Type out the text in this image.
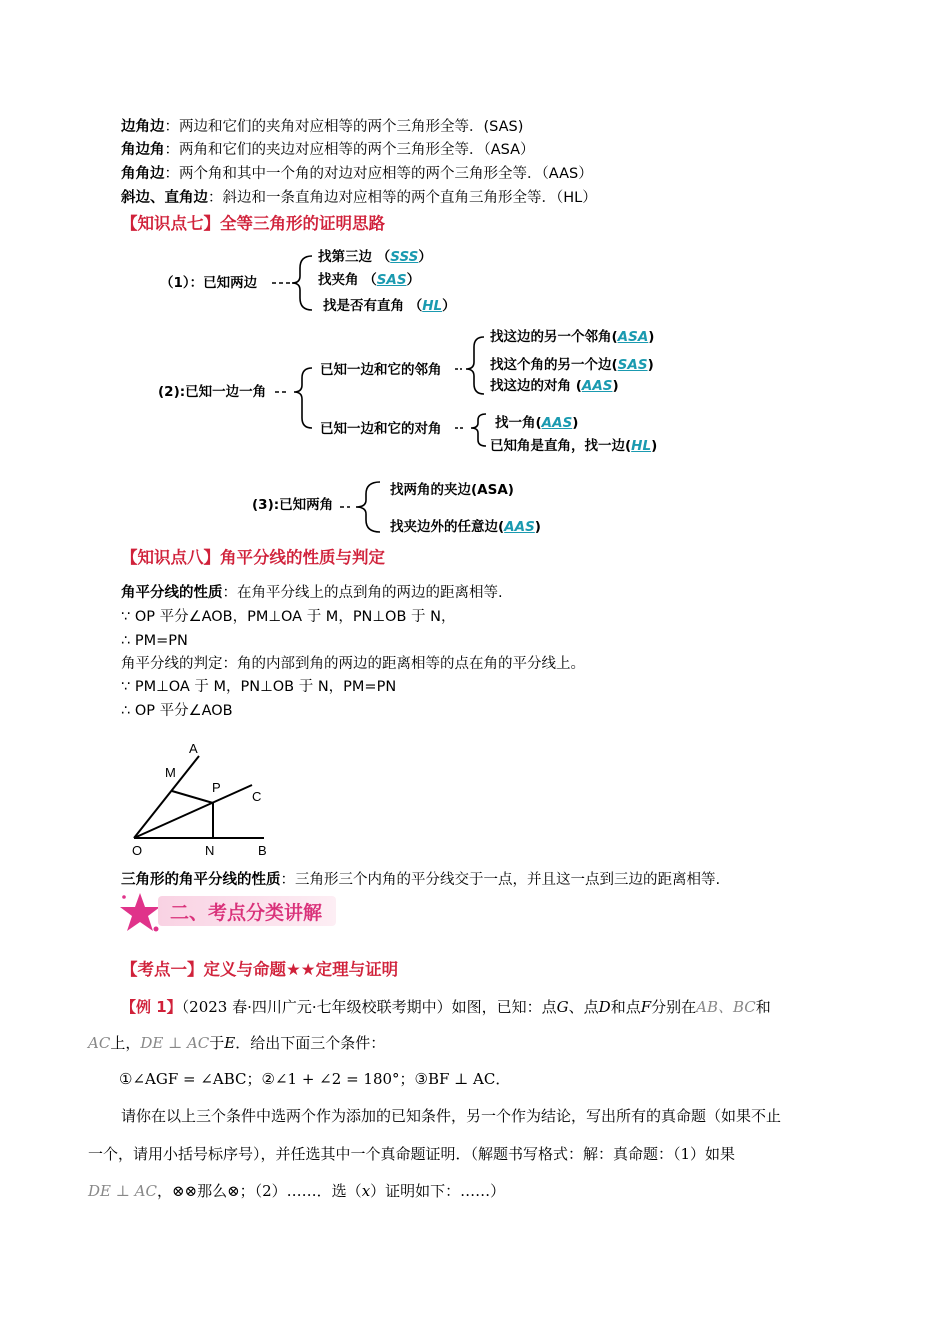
边角边：两边和它们的夹角对应相等的两个三角形全等．(SAS)
角边角：两角和它们的夹边对应相等的两个三角形全等．（ASA）
角角边：两个角和其中一个角的对边对应相等的两个三角形全等．（AAS）
斜边、直角边：斜边和一条直角边对应相等的两个直角三角形全等．（HL）
【知识点七】全等三角形的证明思路
（1）：已知两边
找第三边 （SSS）
找夹角 （SAS）
找是否有直角 （HL）
(2):已知一边一角
已知一边和它的邻角
已知一边和它的对角
找这边的另一个邻角(ASA)
找这个角的另一个边(SAS)
找这边的对角 (AAS)
找一角(AAS)
已知角是直角，找一边(HL)
(3):已知两角
找两角的夹边(ASA)
找夹边外的任意边(AAS)
【知识点八】角平分线的性质与判定
角平分线的性质：在角平分线上的点到角的两边的距离相等.
∵ OP 平分∠AOB，PM⊥OA 于 M，PN⊥OB 于 N，
∴ PM=PN
角平分线的判定：角的内部到角的两边的距离相等的点在角的平分线上。
∵ PM⊥OA 于 M，PN⊥OB 于 N，PM=PN
∴ OP 平分∠AOB
A
M
P
C
O	N	B
三角形的角平分线的性质：三角形三个内角的平分线交于一点，并且这一点到三边的距离相等.
二、考点分类讲解
【考点一】定义与命题★★定理与证明
【例 1】（2023 春·四川广元·七年级校联考期中）如图，已知：点G、点D和点F分别在AB、BC和
AC上，DE ⊥ AC于E．给出下面三个条件：
①∠AGF = ∠ABC；②∠1 + ∠2 = 180°；③BF ⊥ AC．
请你在以上三个条件中选两个作为添加的已知条件，另一个作为结论，写出所有的真命题（如果不止
一个，请用小括号标序号），并任选其中一个真命题证明．（解题书写格式：解：真命题：（1）如果
DE ⊥ AC，⊗⊗那么⊗；（2）……．选（x）证明如下：……）
